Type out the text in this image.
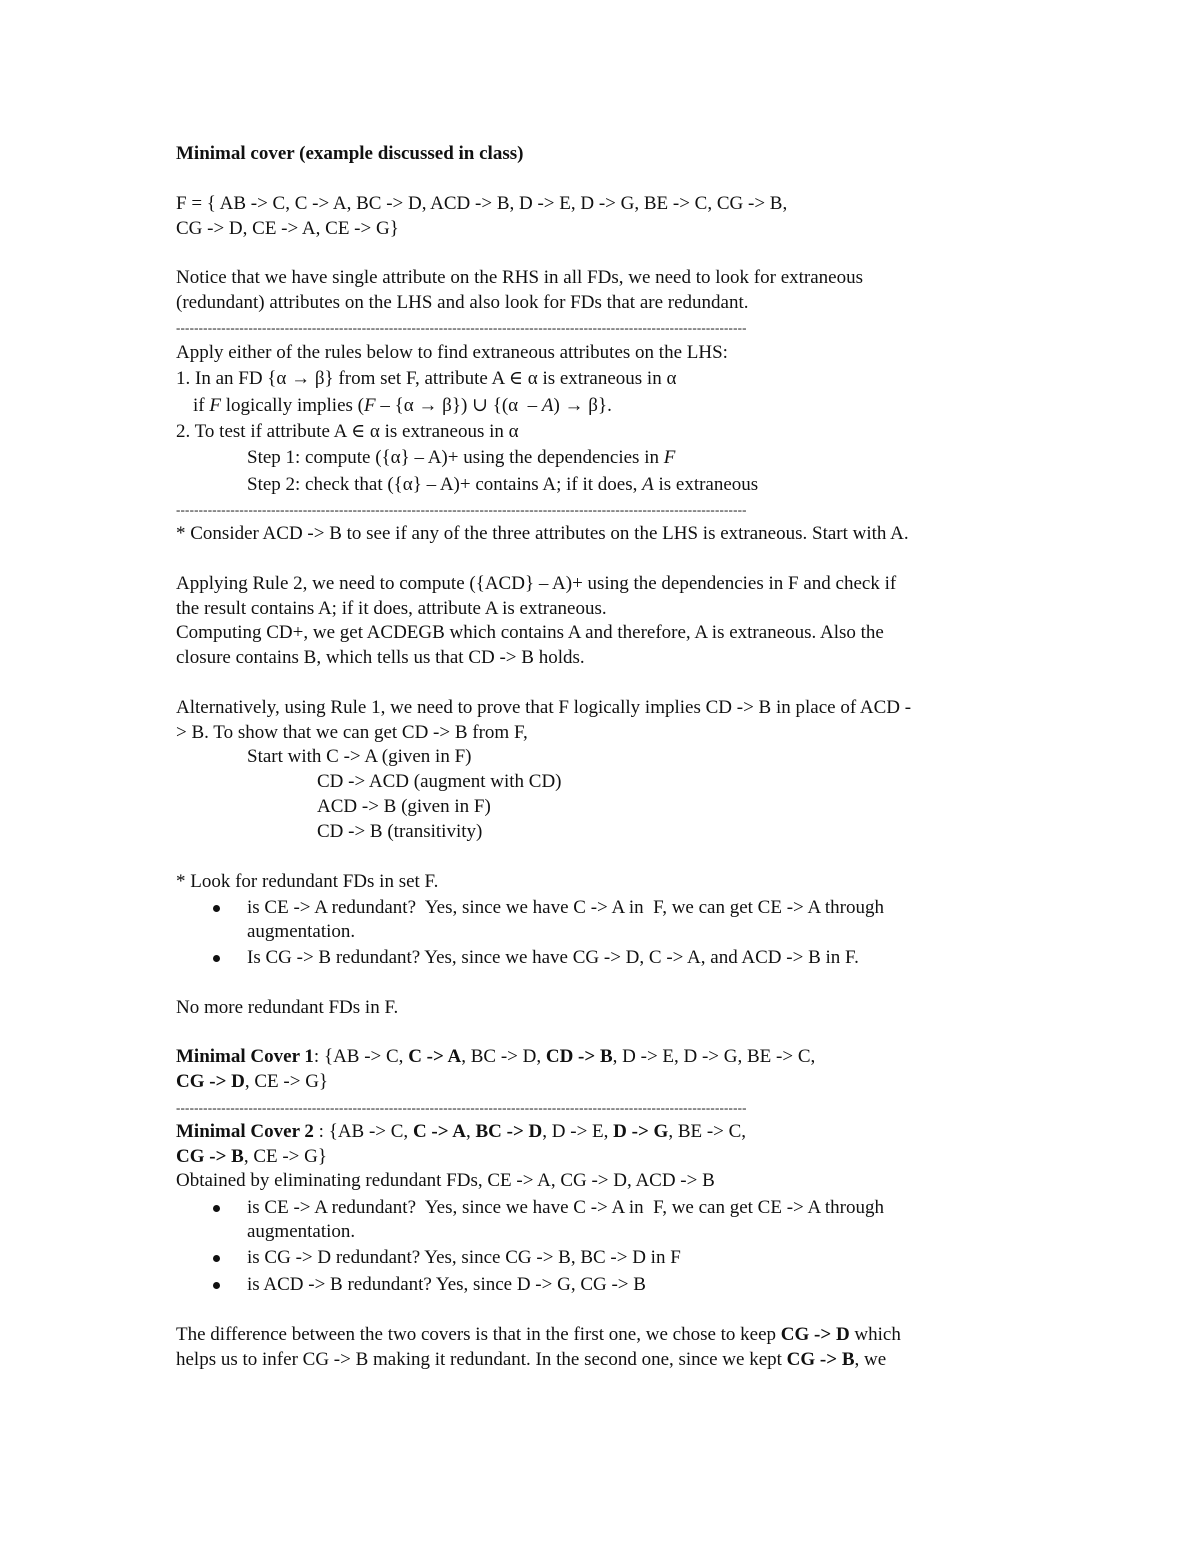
Minimal cover (example discussed in class)
F = { AB -> C, C -> A, BC -> D, ACD -> B, D -> E, D -> G, BE -> C, CG -> B,
CG -> D, CE -> A, CE -> G}
Notice that we have single attribute on the RHS in all FDs, we need to look for extraneous
(redundant) attributes on the LHS and also look for FDs that are redundant.
------------------------------------------------------------------------------------------------------------------------------
Apply either of the rules below to find extraneous attributes on the LHS:
1. In an FD {α → β} from set F, attribute A ∈ α is extraneous in α
if F logically implies (F – {α → β}) ∪ {(α  – A) → β}.
2. To test if attribute A ∈ α is extraneous in α
Step 1: compute ({α} – A)+ using the dependencies in F
Step 2: check that ({α} – A)+ contains A; if it does, A is extraneous
------------------------------------------------------------------------------------------------------------------------------
* Consider ACD -> B to see if any of the three attributes on the LHS is extraneous. Start with A.
Applying Rule 2, we need to compute ({ACD} – A)+ using the dependencies in F and check if
the result contains A; if it does, attribute A is extraneous.
Computing CD+, we get ACDEGB which contains A and therefore, A is extraneous. Also the
closure contains B, which tells us that CD -> B holds.
Alternatively, using Rule 1, we need to prove that F logically implies CD -> B in place of ACD -
> B. To show that we can get CD -> B from F,
Start with C -> A (given in F)
CD -> ACD (augment with CD)
ACD -> B (given in F)
CD -> B (transitivity)
* Look for redundant FDs in set F.
is CE -> A redundant?  Yes, since we have C -> A in  F, we can get CE -> A through
augmentation.
Is CG -> B redundant? Yes, since we have CG -> D, C -> A, and ACD -> B in F.
No more redundant FDs in F.
Minimal Cover 1: {AB -> C, C -> A, BC -> D, CD -> B, D -> E, D -> G, BE -> C,
CG -> D, CE -> G}
------------------------------------------------------------------------------------------------------------------------------
Minimal Cover 2 : {AB -> C, C -> A, BC -> D, D -> E, D -> G, BE -> C,
CG -> B, CE -> G}
Obtained by eliminating redundant FDs, CE -> A, CG -> D, ACD -> B
is CE -> A redundant?  Yes, since we have C -> A in  F, we can get CE -> A through
augmentation.
is CG -> D redundant? Yes, since CG -> B, BC -> D in F
is ACD -> B redundant? Yes, since D -> G, CG -> B
The difference between the two covers is that in the first one, we chose to keep CG -> D which
helps us to infer CG -> B making it redundant. In the second one, since we kept CG -> B, we
